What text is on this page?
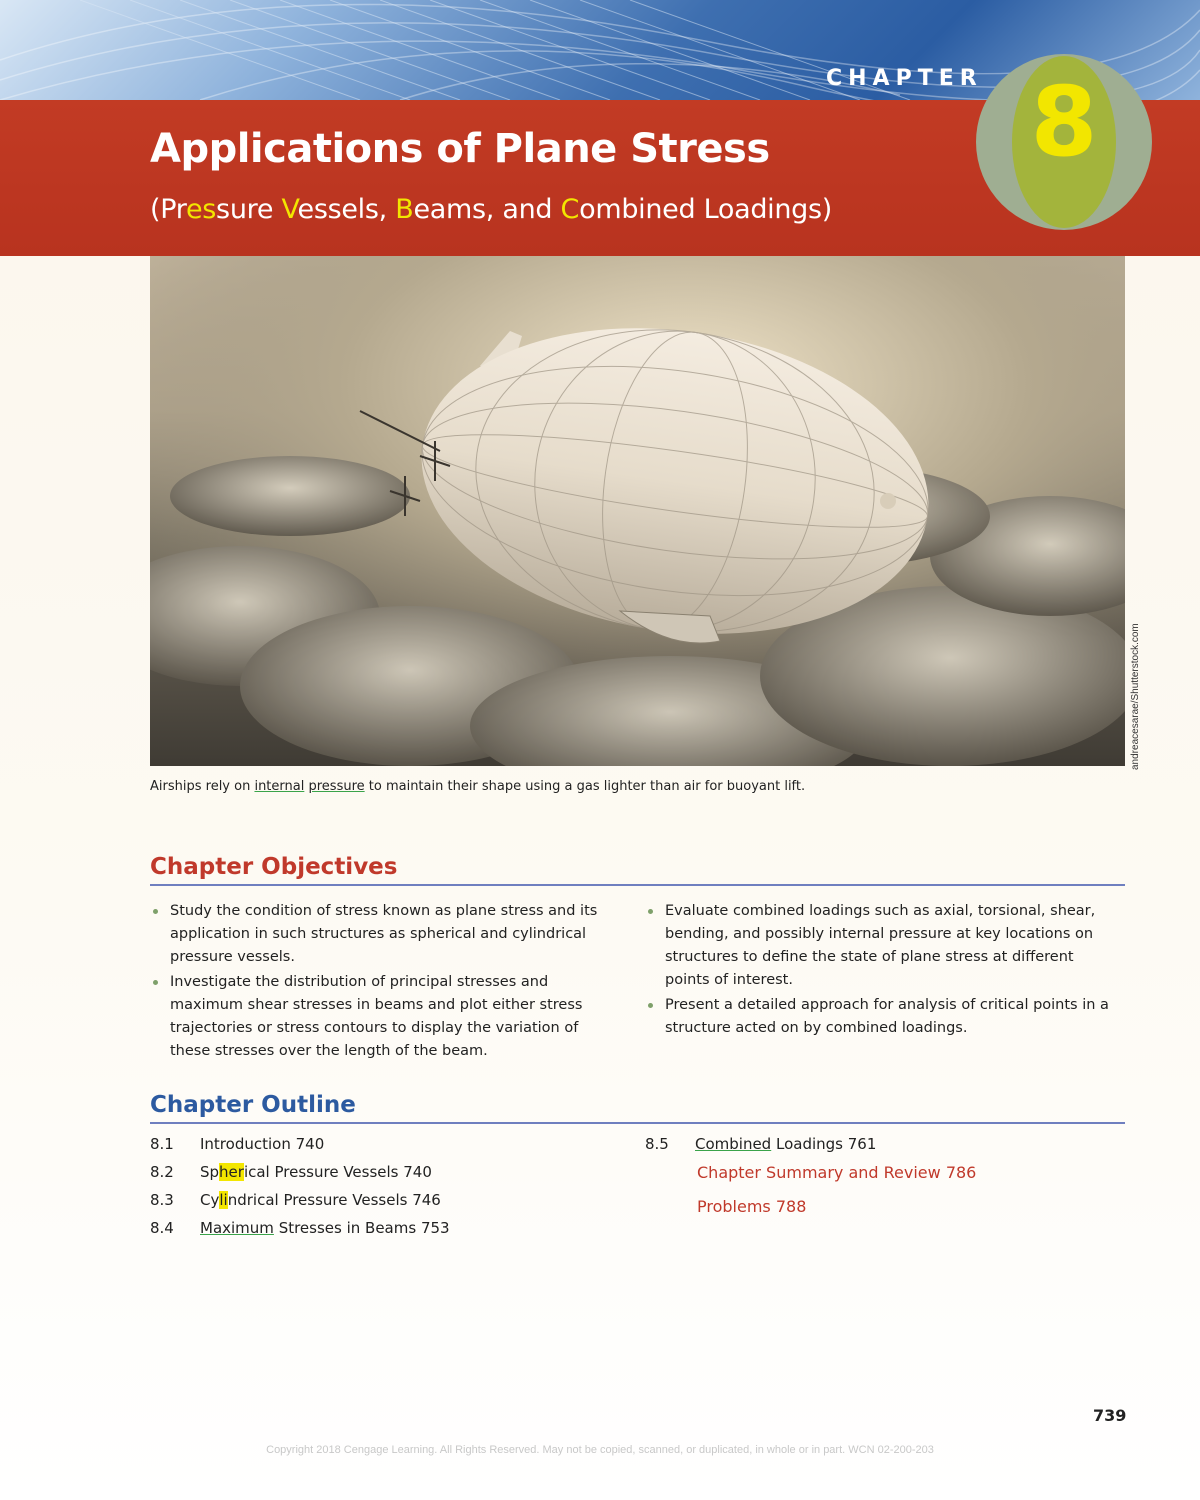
CHAPTER
Applications of Plane Stress
(Pressure Vessels, Beams, and Combined Loadings)
8
andreacesarae/Shutterstock.com
Airships rely on internal pressure to maintain their shape using a gas lighter than air for buoyant lift.
Chapter Objectives
Study the condition of stress known as plane stress and its application in such structures as spherical and cylindrical pressure vessels.
Investigate the distribution of principal stresses and maximum shear stresses in beams and plot either stress trajectories or stress contours to display the variation of these stresses over the length of the beam.
Evaluate combined loadings such as axial, torsional, shear, bending, and possibly internal pressure at key locations on structures to define the state of plane stress at different points of interest.
Present a detailed approach for analysis of critical points in a structure acted on by combined loadings.
Chapter Outline
8.1	Introduction 740
8.2	Spherical Pressure Vessels 740
8.3	Cylindrical Pressure Vessels 746
8.4	Maximum Stresses in Beams 753
8.5	Combined Loadings 761
Chapter Summary and Review 786
Problems 788
739
Copyright 2018 Cengage Learning. All Rights Reserved. May not be copied, scanned, or duplicated, in whole or in part. WCN 02-200-203
